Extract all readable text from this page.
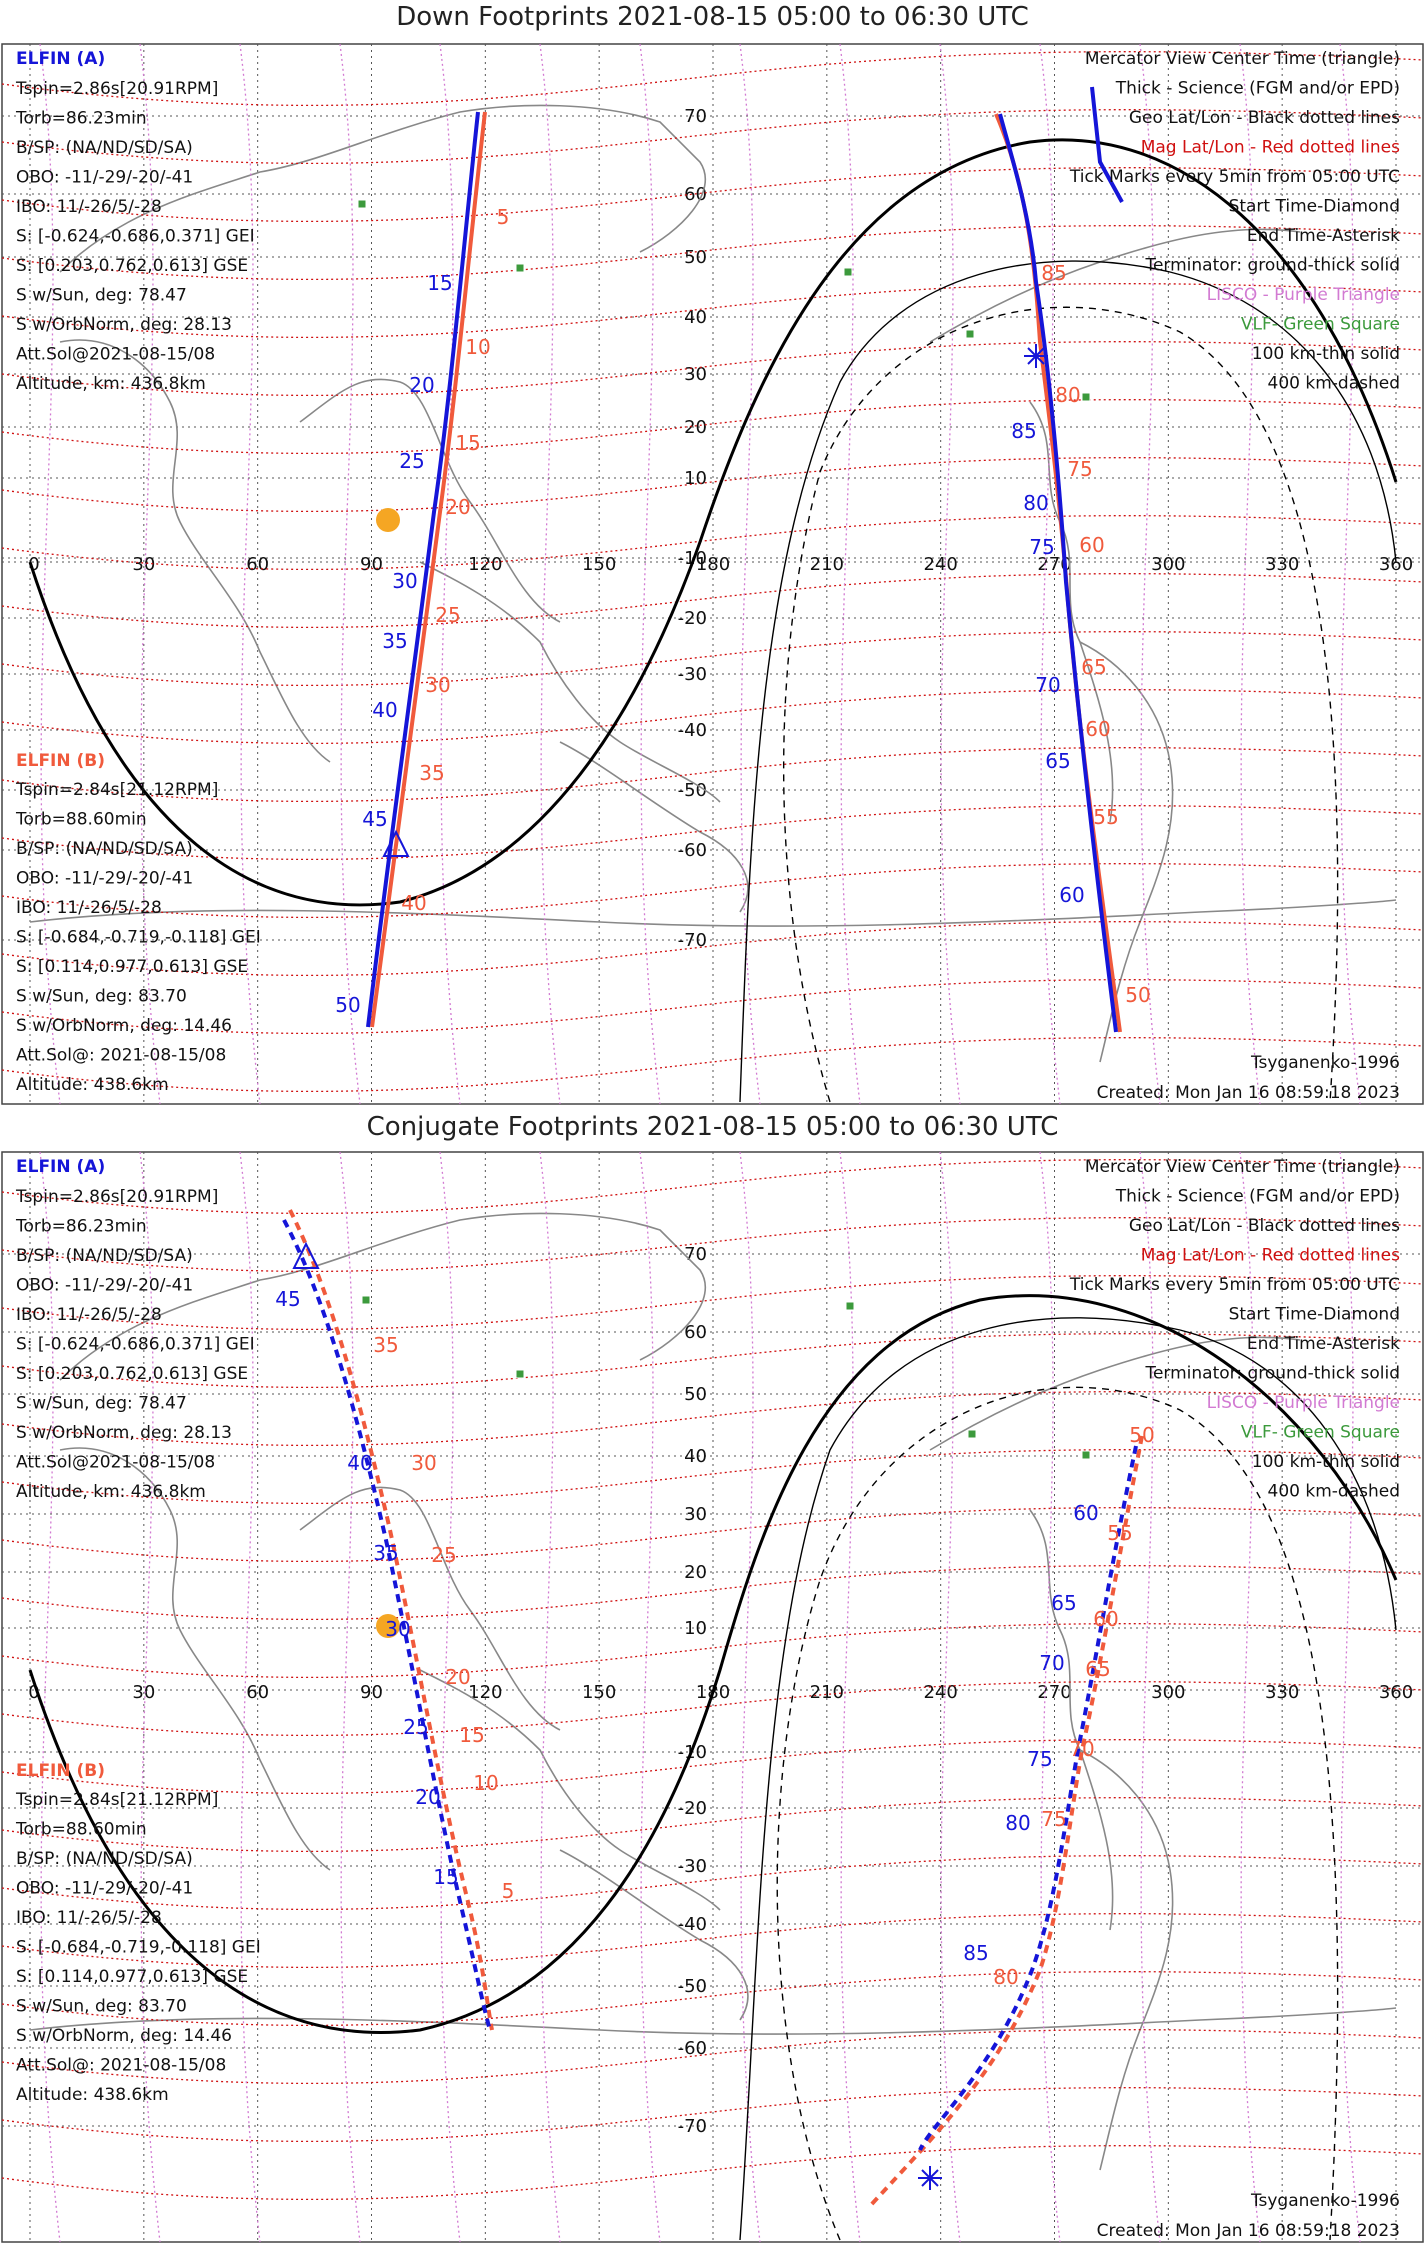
Down Footprints 2021-08-15 05:00 to 06:30 UTC
0	30	60	90	120	150	180	210	240	270	300	330	360
70
60
50
40
30
20
10
-10
-20
-30
-40
-50
-60
-70
15
20
25
30
35
40
45
50
85
80
75
70
65
60
5
10
15
20
25
30
35
40
85
80
75
60
65
60
55
50
ELFIN (A)
Tspin=2.86s[20.91RPM]
Torb=86.23min
B/SP: (NA/ND/SD/SA)
OBO: -11/-29/-20/-41
IBO: 11/-26/5/-28
S: [-0.624,-0.686,0.371] GEI
S: [0.203,0.762,0.613] GSE
S w/Sun, deg: 78.47
S w/OrbNorm, deg: 28.13
Att.Sol@2021-08-15/08
Altitude, km: 436.8km
ELFIN (B)
Tspin=2.84s[21.12RPM]
Torb=88.60min
B/SP: (NA/ND/SD/SA)
OBO: -11/-29/-20/-41
IBO: 11/-26/5/-28
S: [-0.684,-0.719,-0.118] GEI
S: [0.114,0.977,0.613] GSE
S w/Sun, deg: 83.70
S w/OrbNorm, deg: 14.46
Att.Sol@: 2021-08-15/08
Altitude: 438.6km
Mercator View Center Time (triangle)
Thick - Science (FGM and/or EPD)
Geo Lat/Lon - Black dotted lines
Mag Lat/Lon - Red dotted lines
Tick Marks every 5min from 05:00 UTC
Start Time-Diamond
End Time-Asterisk
Terminator: ground-thick solid
LISCO - Purple Triangle
VLF- Green Square
100 km-thin solid
400 km-dashed
Tsyganenko-1996
Created: Mon Jan 16 08:59:18 2023
Conjugate Footprints 2021-08-15 05:00 to 06:30 UTC
0	30	60	90	120	150	180	210	240	270	300	330	360
70
60
50
40
30
20
10
-10
-20
-30
-40
-50
-60
-70
45
40
35
30
25
20
15
60
65
70
75
80
85
35
30
25
20
15
10
5
50
55
60
65
70
75
80
ELFIN (A)
Tspin=2.86s[20.91RPM]
Torb=86.23min
B/SP: (NA/ND/SD/SA)
OBO: -11/-29/-20/-41
IBO: 11/-26/5/-28
S: [-0.624,-0.686,0.371] GEI
S: [0.203,0.762,0.613] GSE
S w/Sun, deg: 78.47
S w/OrbNorm, deg: 28.13
Att.Sol@2021-08-15/08
Altitude, km: 436.8km
ELFIN (B)
Tspin=2.84s[21.12RPM]
Torb=88.60min
B/SP: (NA/ND/SD/SA)
OBO: -11/-29/-20/-41
IBO: 11/-26/5/-28
S: [-0.684,-0.719,-0.118] GEI
S: [0.114,0.977,0.613] GSE
S w/Sun, deg: 83.70
S w/OrbNorm, deg: 14.46
Att.Sol@: 2021-08-15/08
Altitude: 438.6km
Mercator View Center Time (triangle)
Thick - Science (FGM and/or EPD)
Geo Lat/Lon - Black dotted lines
Mag Lat/Lon - Red dotted lines
Tick Marks every 5min from 05:00 UTC
Start Time-Diamond
End Time-Asterisk
Terminator: ground-thick solid
LISCO - Purple Triangle
VLF- Green Square
100 km-thin solid
400 km-dashed
Tsyganenko-1996
Created: Mon Jan 16 08:59:18 2023
